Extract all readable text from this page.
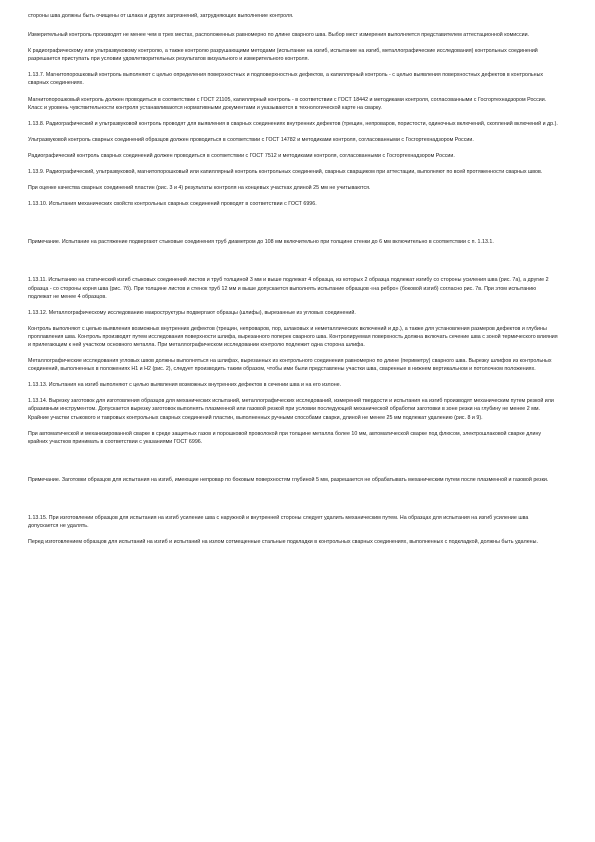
стороны шва должны быть очищены от шлака и других загрязнений, затрудняющих выполнение контроля.

Измерительный контроль производят не менее чем в трех местах, расположенных равномерно по длине сварного шва. Выбор мест измерения выполняется представителем аттестационной комиссии.

К радиографическому или ультразвуковому контролю, а также контролю разрушающими методами (испытание на изгиб, испытание на изгиб, металлографические исследования) контрольных соединений разрешается приступать при условии удовлетворительных результатов визуального и измерительного контроля.

1.13.7. Магнитопорошковый контроль выполняют с целью определения поверхностных и подповерхностных дефектов, а капиллярный контроль - с целью выявления поверхностных дефектов в контрольных сварных соединениях.

Магнитопорошковый контроль должен проводиться в соответствии с ГОСТ 21105, капиллярный контроль - в соответствии с ГОСТ 18442 и методиками контроля, согласованными с Госгортехнадзором России. Класс и уровень чувствительности контроля устанавливаются нормативными документами и указываются в технологической карте на сварку.

1.13.8. Радиографический и ультразвуковой контроль проводят для выявления в сварных соединениях внутренних дефектов (трещин, непроваров, пористости, одиночных включений, скоплений включений и др.).

Ультразвуковой контроль сварных соединений образцов должен проводиться в соответствии с ГОСТ 14782 и методиками контроля, согласованными с Госгортехнадзором России.

Радиографический контроль сварных соединений должен проводиться в соответствии с ГОСТ 7512 и методиками контроля, согласованными с Госгортехнадзором России.

1.13.9. Радиографический, ультразвуковой, магнитопорошковый или капиллярный контроль контрольных соединений, сварных сварщиком при аттестации, выполняют по всей протяженности сварных швов.

При оценке качества сварных соединений пластин (рис. 3 и 4) результаты контроля на концевых участках длиной 25 мм не учитываются.

1.13.10. Испытания механических свойств контрольных сварных соединений проводят в соответствии с ГОСТ 6996.

Примечание. Испытание на растяжение подвергают стыковые соединения труб диаметром до 108 мм включительно при толщине стенки до 6 мм включительно в соответствии с п. 1.13.1.

1.13.11. Испытанию на статический изгиб стыковых соединений листов и труб толщиной 3 мм и выше подлежат 4 образца, из которых 2 образца подлежат изгибу со стороны усиления шва (рис. 7a), а другие 2 образца - со стороны корня шва (рис. 7б). При толщине листов и стенок труб 12 мм и выше допускается выполнять испытание образцов «на ребро» (боковой изгиб) согласно рис. 7в. При этом испытанию подлежат не менее 4 образцов.

1.13.12. Металлографическому исследованию макроструктуры подвергают образцы (шлифы), вырезанные из угловых соединений.

Контроль выполняют с целью выявления возможных внутренних дефектов (трещин, непроваров, пор, шлаковых и неметаллических включений и др.), а также для установления размеров дефектов и глубины проплавления шва. Контроль производят путем исследования поверхности шлифа, вырезанного поперек сварного шва. Контролируемая поверхность должна включать сечение шва с зоной термического влияния и прилегающим к ней участком основного металла. При металлографическом исследовании контролю подлежит одна сторона шлифа.

Металлографические исследования угловых швов должны выполняться на шлифах, вырезанных из контрольного соединения равномерно по длине (периметру) сварного шва. Вырезку шлифов из контрольных соединений, выполненных в положениях Н1 и Н2 (рис. 2), следует производить таким образом, чтобы ими были представлены участки шва, сваренные в нижнем вертикальном и потолочном положениях.

1.13.13. Испытания на изгиб выполняют с целью выявления возможных внутренних дефектов в сечении шва и на его излоне.

1.13.14. Вырезку заготовок для изготовления образцов для механических испытаний, металлографических исследований, измерений твердости и испытания на изгиб производят механическим путем резкой или абразивным инструментом. Допускается вырезку заготовок выполнять плазменной или газовой резкой при условии последующей механической обработки заготовки в зоне резки на глубину не менее 2 мм. Крайние участки стыкового и тавровых контрольных сварных соединений пластин, выполненных ручными способами сварки, длиной не менее 25 мм подлежат удалению (рис. 8 и 9).

При автоматической и механизированной сварке в среде защитных газов и порошковой проволокой при толщине металла более 10 мм, автоматической сварке под флюсом, электрошлаковой сварке длину крайних участков принимать в соответствии с указаниями ГОСТ 6996.

Примечание. Заготовки образцов для испытания на изгиб, имеющие непровар по боковым поверхностям глубиной 5 мм, разрешается не обрабатывать механическим путем после плазменной и газовой резки.

1.13.15. При изготовлении образцов для испытания на изгиб усиление шва с наружной и внутренней стороны следует удалить механическим путем. На образцах для испытания на изгиб усиление шва допускается не удалять.

Перед изготовлением образцов для испытаний на изгиб и испытаний на излом сотмещенные стальные подкладки в контрольных сварных соединениях, выполненных с подкладкой, должны быть удалены.
